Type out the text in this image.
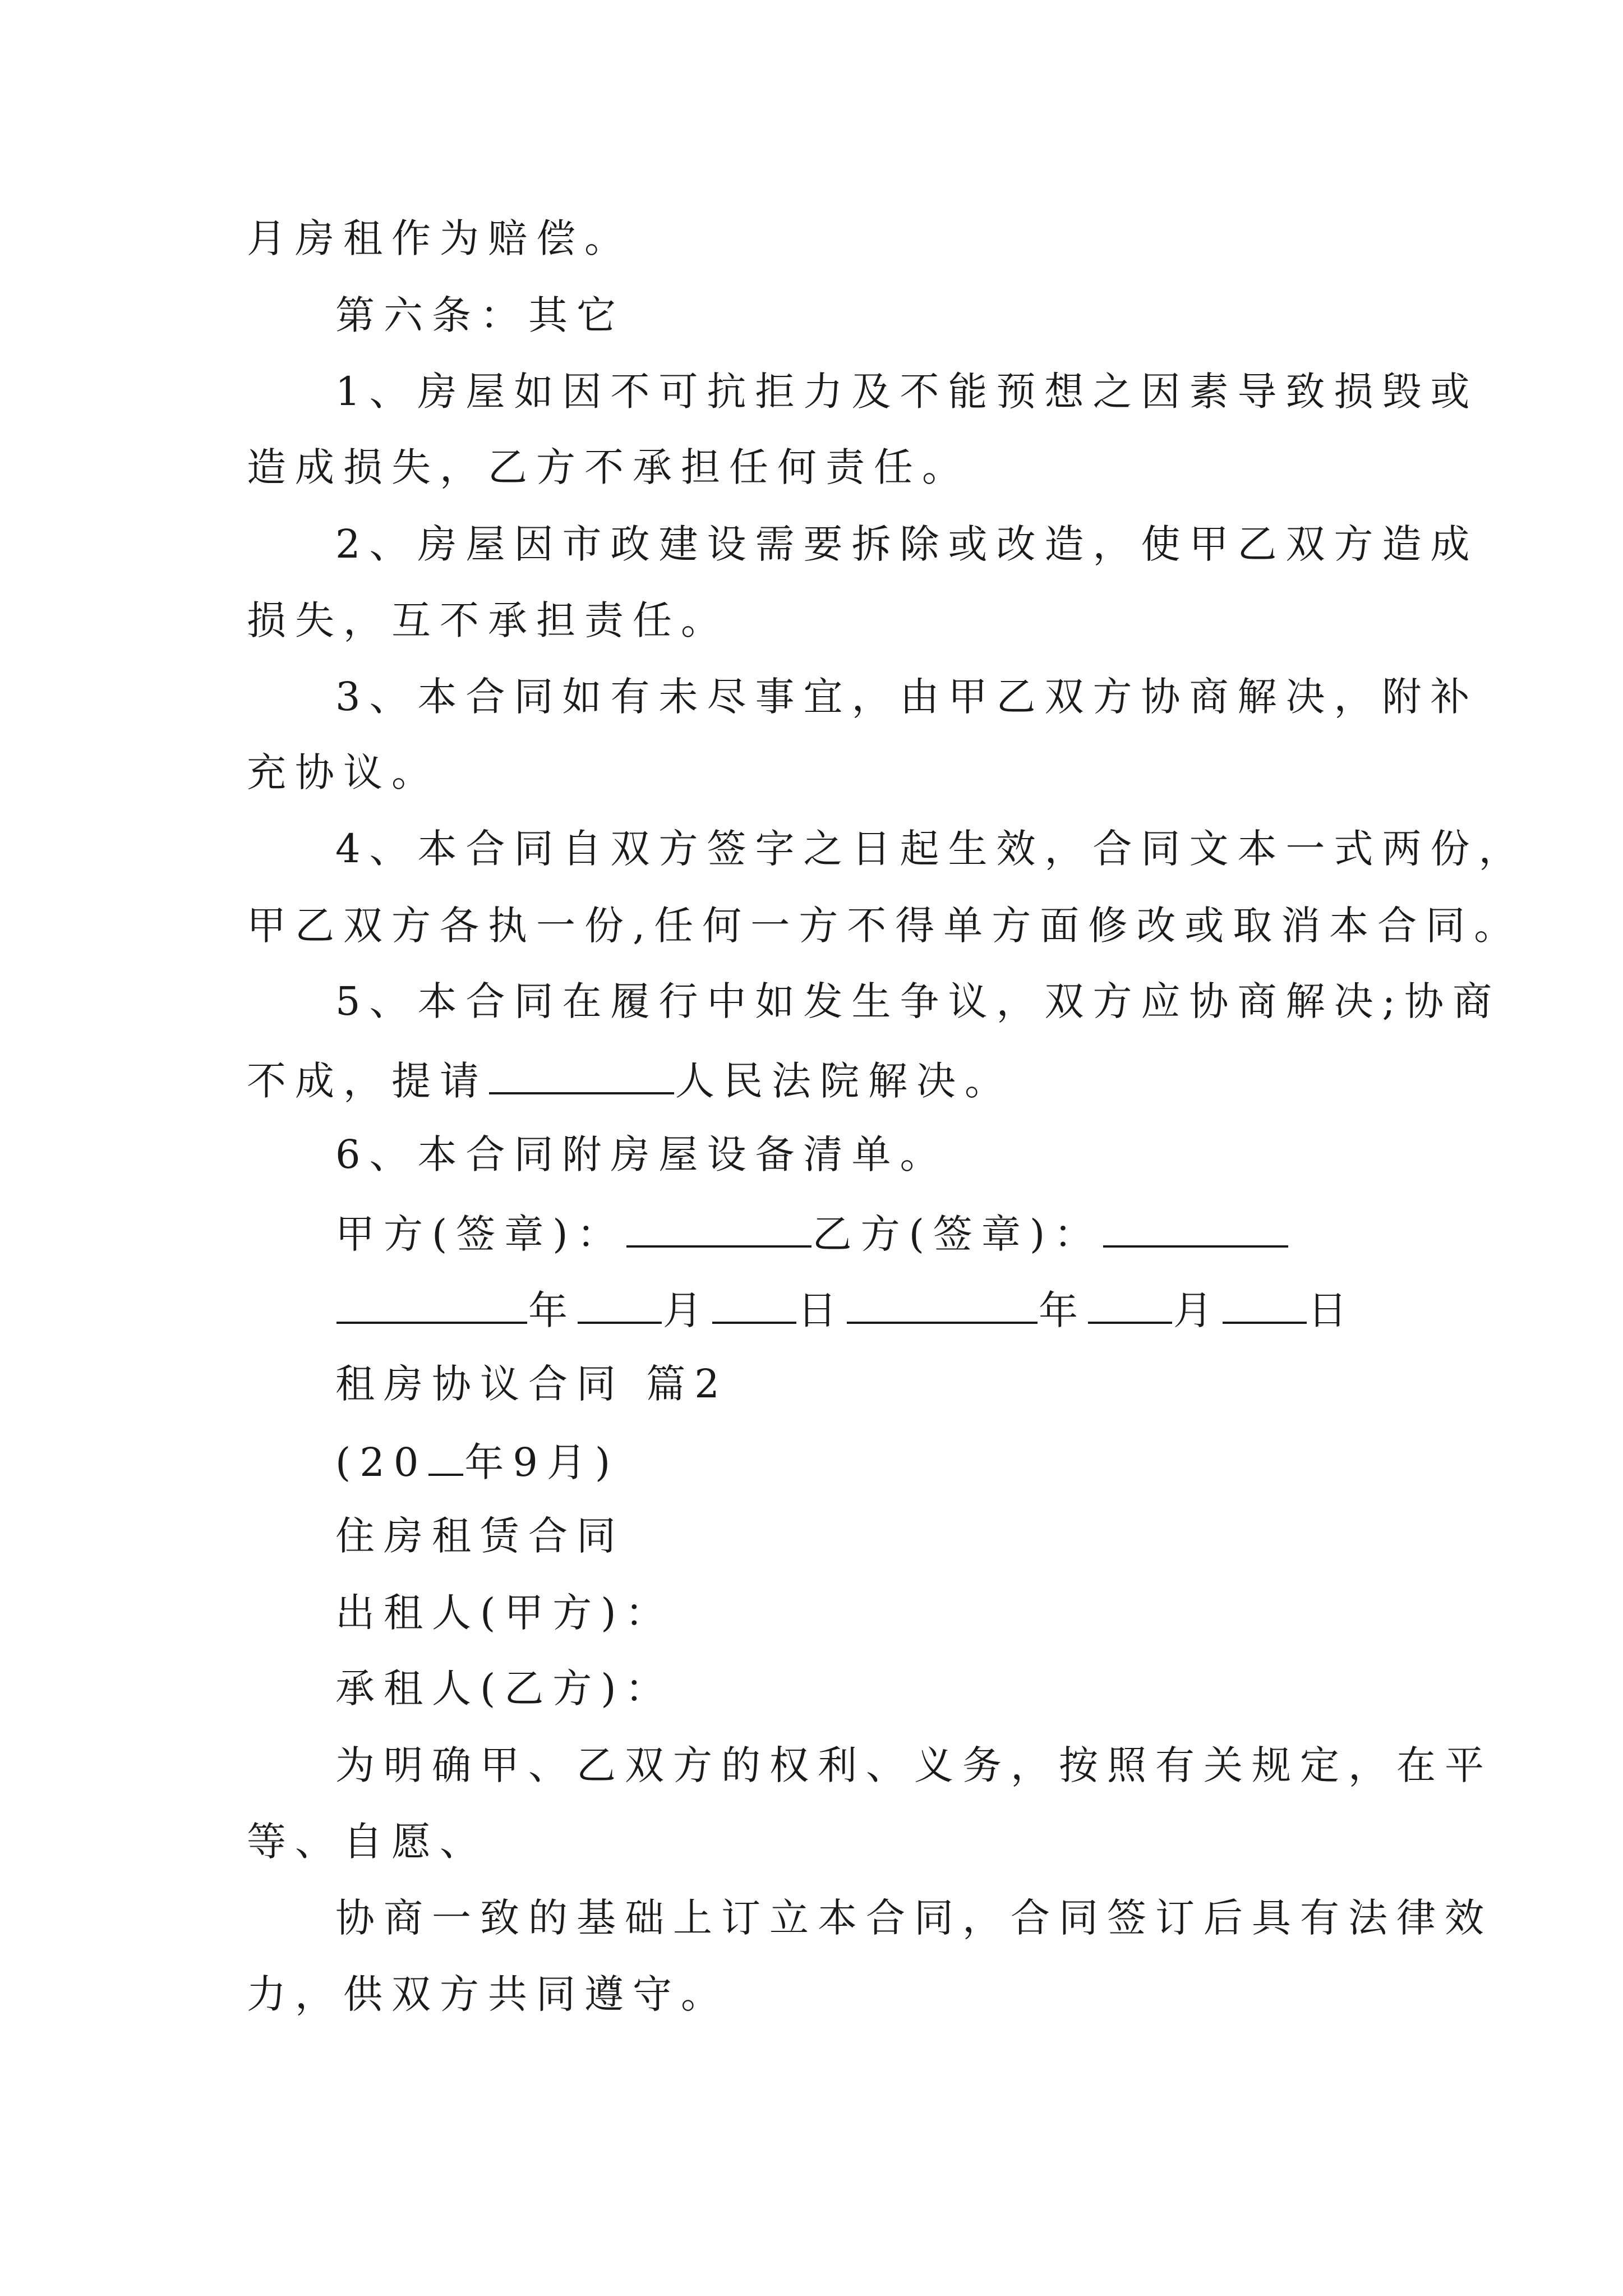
月房租作为赔偿。
第六条：其它
1、房屋如因不可抗拒力及不能预想之因素导致损毁或
造成损失，乙方不承担任何责任。
2、房屋因市政建设需要拆除或改造，使甲乙双方造成
损失，互不承担责任。
3、本合同如有未尽事宜，由甲乙双方协商解决，附补
充协议。
4、本合同自双方签字之日起生效，合同文本一式两份，
甲乙双方各执一份,任何一方不得单方面修改或取消本合同。
5、本合同在履行中如发生争议，双方应协商解决;协商
不成，提请	人民法院解决。
6、本合同附房屋设备清单。
甲方(签章)：	乙方(签章)：
年 月 日	年 月 日
租房协议合同 篇2
(20 年9月)
住房租赁合同
出租人(甲方)：
承租人(乙方)：
为明确甲、乙双方的权利、义务，按照有关规定，在平
等、自愿、
协商一致的基础上订立本合同，合同签订后具有法律效
力，供双方共同遵守。
